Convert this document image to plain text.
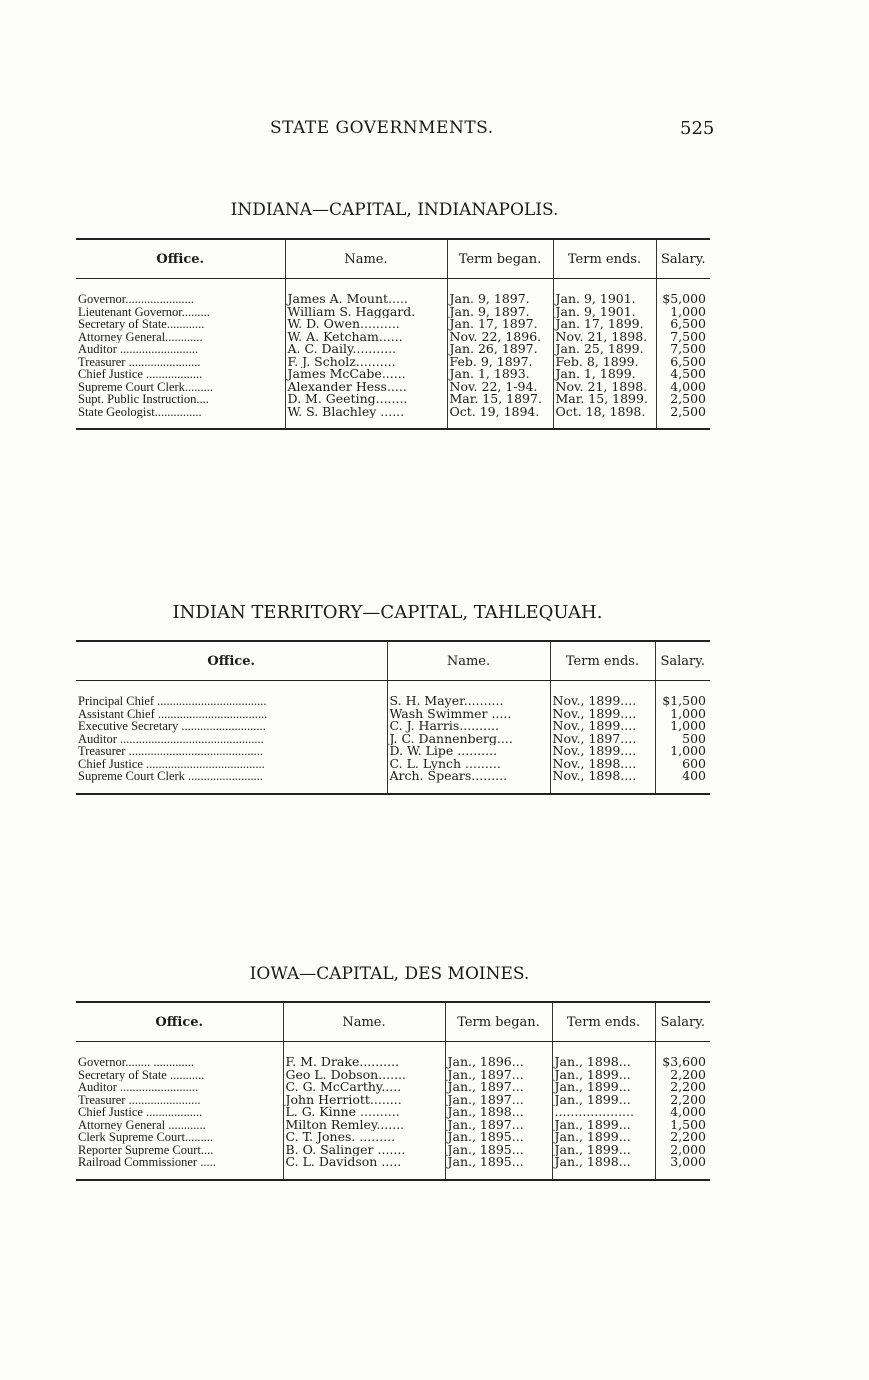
STATE GOVERNMENTS.	525
INDIANA—CAPITAL, INDIANAPOLIS.
Office.	Name.	Term began.	Term ends.	Salary.

Governor......................	James A. Mount.....	Jan. 9, 1897.	Jan. 9, 1901.	$5,000
Lieutenant Governor.........	William S. Haggard.	Jan. 9, 1897.	Jan. 9, 1901.	1,000
Secretary of State............	W. D. Owen..........	Jan. 17, 1897.	Jan. 17, 1899.	6,500
Attorney General............	W. A. Ketcham......	Nov. 22, 1896.	Nov. 21, 1898.	7,500
Auditor .........................	A. C. Daily...........	Jan. 26, 1897.	Jan. 25, 1899.	7,500
Treasurer .......................	F. J. Scholz..........	Feb. 9, 1897.	Feb. 8, 1899.	6,500
Chief Justice ..................	James McCabe......	Jan. 1, 1893.	Jan. 1, 1899.	4,500
Supreme Court Clerk.........	Alexander Hess.....	Nov. 22, 1-94.	Nov. 21, 1898.	4,000
Supt. Public Instruction....	D. M. Geeting........	Mar. 15, 1897.	Mar. 15, 1899.	2,500
State Geologist...............	W. S. Blachley ......	Oct. 19, 1894.	Oct. 18, 1898.	2,500

INDIAN TERRITORY—CAPITAL, TAHLEQUAH.
Office.	Name.	Term ends.	Salary.

Principal Chief ...................................	S. H. Mayer..........	Nov., 1899....	$1,500
Assistant Chief ...................................	Wash Swimmer .....	Nov., 1899....	1,000
Executive Secretary ...........................	C. J. Harris..........	Nov., 1899....	1,000
Auditor ..............................................	J. C. Dannenberg....	Nov., 1897....	500
Treasurer ...........................................	D. W. Lipe ..........	Nov., 1899....	1,000
Chief Justice ......................................	C. L. Lynch .........	Nov., 1898....	600
Supreme Court Clerk ........................	Arch. Spears.........	Nov., 1898....	400

IOWA—CAPITAL, DES MOINES.
Office.	Name.	Term began.	Term ends.	Salary.

Governor........ .............	F. M. Drake..........	Jan., 1896...	Jan., 1898...	$3,600
Secretary of State ...........	Geo L. Dobson.......	Jan., 1897...	Jan., 1899...	2,200
Auditor .........................	C. G. McCarthy.....	Jan., 1897...	Jan., 1899...	2,200
Treasurer .......................	John Herriott........	Jan., 1897...	Jan., 1899...	2,200
Chief Justice ..................	L. G. Kinne ..........	Jan., 1898...	....................	4,000
Attorney General ............	Milton Remley.......	Jan., 1897...	Jan., 1899...	1,500
Clerk Supreme Court.........	C. T. Jones. .........	Jan., 1895...	Jan., 1899...	2,200
Reporter Supreme Court....	B. O. Salinger .......	Jan., 1895...	Jan., 1899...	2,000
Railroad Commissioner .....	C. L. Davidson .....	Jan., 1895...	Jan., 1898...	3,000
